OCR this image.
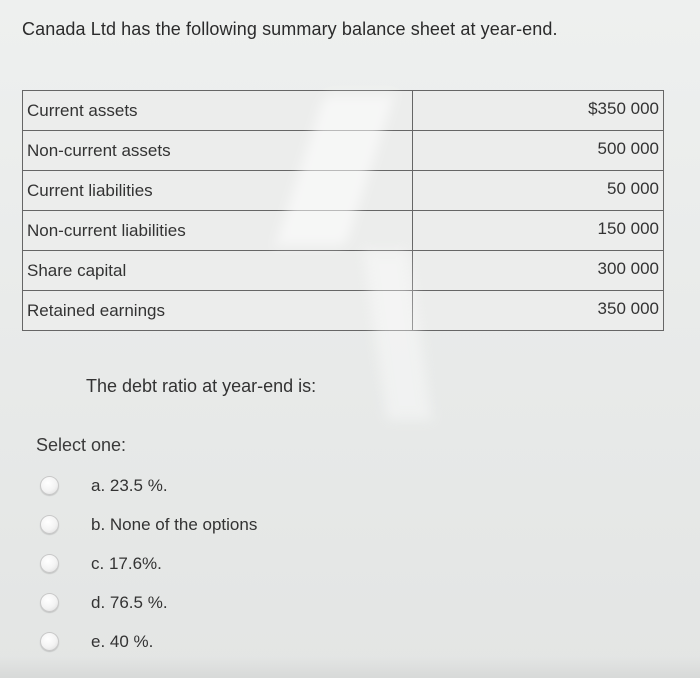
Canada Ltd has the following summary balance sheet at year-end.
Current assets	$350 000
Non-current assets	500 000
Current liabilities	50 000
Non-current liabilities	150 000
Share capital	300 000
Retained earnings	350 000
The debt ratio at year-end is:
Select one:
a. 23.5 %.
b. None of the options
c. 17.6%.
d. 76.5 %.
e. 40 %.
